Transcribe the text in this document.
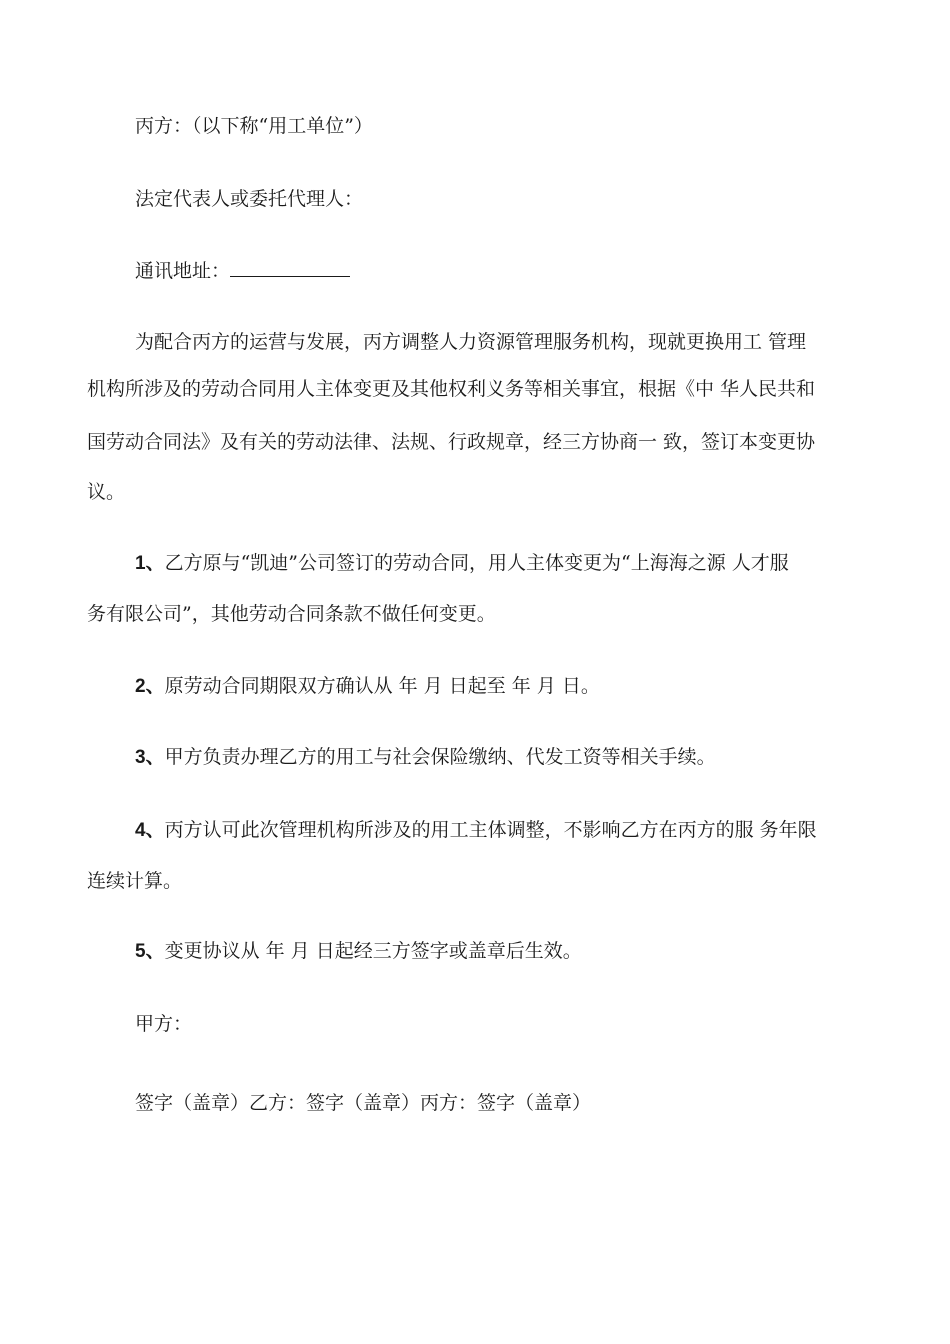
丙方：（以下称“用工单位”）
法定代表人或委托代理人：
通讯地址：
为配合丙方的运营与发展，丙方调整人力资源管理服务机构，现就更换用工 管理
机构所涉及的劳动合同用人主体变更及其他权利义务等相关事宜，根据《中 华人民共和
国劳动合同法》及有关的劳动法律、法规、行政规章，经三方协商一 致，签订本变更协
议。
1、乙方原与“凯迪”公司签订的劳动合同，用人主体变更为“上海海之源 人才服
务有限公司”，其他劳动合同条款不做任何变更。
2、原劳动合同期限双方确认从 年 月 日起至 年 月 日。
3、甲方负责办理乙方的用工与社会保险缴纳、代发工资等相关手续。
4、丙方认可此次管理机构所涉及的用工主体调整，不影响乙方在丙方的服 务年限
连续计算。
5、变更协议从 年 月 日起经三方签字或盖章后生效。
甲方：
签字（盖章）乙方：签字（盖章）丙方：签字（盖章）
